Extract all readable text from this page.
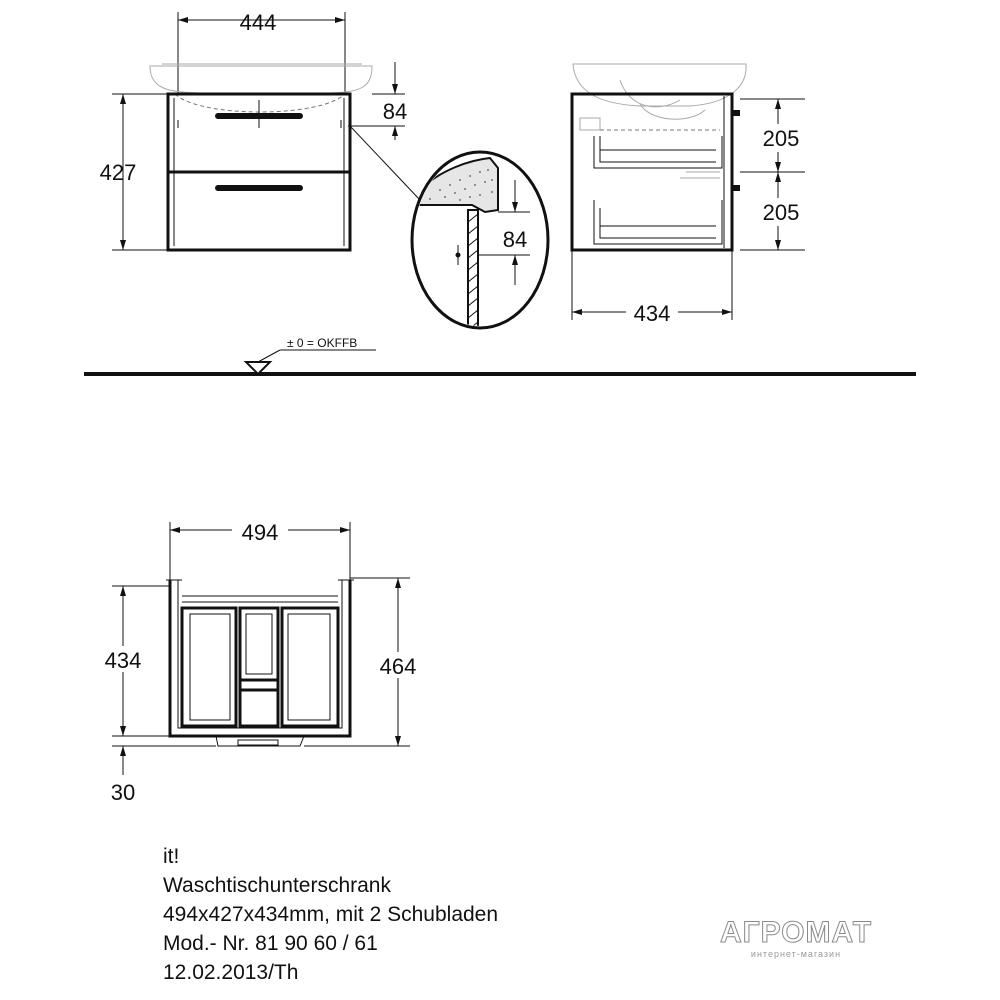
444
427
84
84
205
205
434
± 0 = OKFFB
494
434
30
464
it!
Waschtischunterschrank
494x427x434mm, mit 2 Schubladen
Mod.- Nr. 81 90 60 / 61
12.02.2013/Th
АГРОМАТ
интернет-магазин
